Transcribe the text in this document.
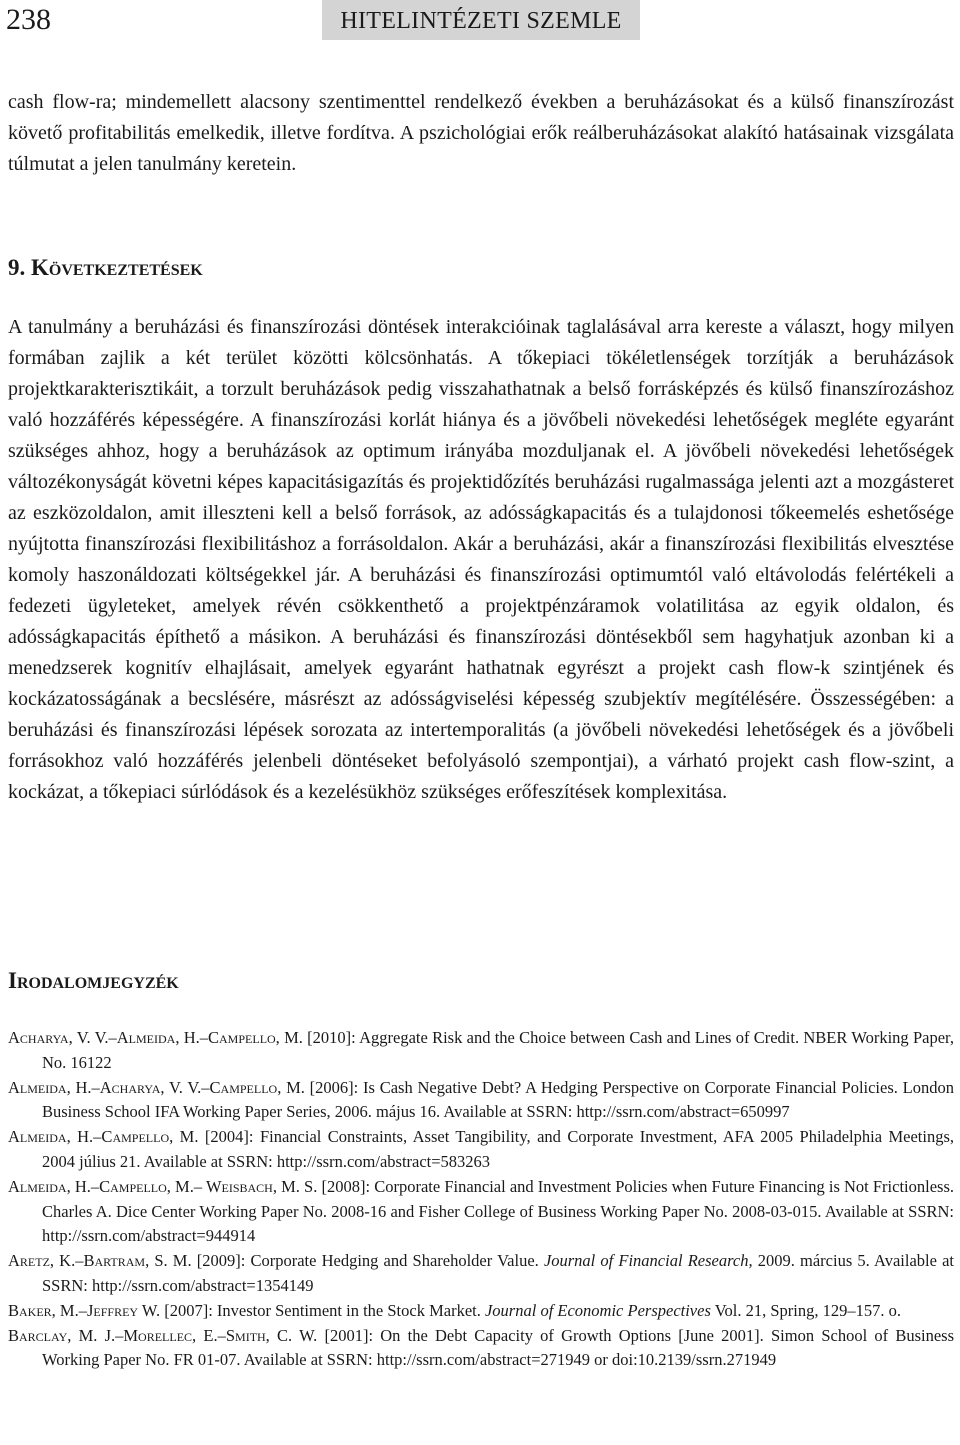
238	HITELINTÉZETI SZEMLE

cash flow-ra; mindemellett alacsony szentimenttel rendelkező években a beruházásokat és a külső finanszírozást követő profitabilitás emelkedik, illetve fordítva. A pszichológiai erők reálberuházásokat alakító hatásainak vizsgálata túlmutat a jelen tanulmány keretein.

9. Következtetések

A tanulmány a beruházási és finanszírozási döntések interakcióinak taglalásával arra kereste a választ, hogy milyen formában zajlik a két terület közötti kölcsönhatás. A tőkepiaci tökéletlenségek torzítják a beruházások projektkarakterisztikáit, a torzult beruházások pedig visszahathatnak a belső forrásképzés és külső finanszírozáshoz való hozzáférés képességére. A finanszírozási korlát hiánya és a jövőbeli növekedési lehetőségek megléte egyaránt szükséges ahhoz, hogy a beruházások az optimum irányába mozduljanak el. A jövőbeli növekedési lehetőségek változékonyságát követni képes kapacitásigazítás és projektidőzítés beruházási rugalmassága jelenti azt a mozgásteret az eszközoldalon, amit illeszteni kell a belső források, az adósságkapacitás és a tulajdonosi tőkeemelés eshetősége nyújtotta finanszírozási flexibilitáshoz a forrásoldalon. Akár a beruházási, akár a finanszírozási flexibilitás elvesztése komoly haszonáldozati költségekkel jár. A beruházási és finanszírozási optimumtól való eltávolodás felértékeli a fedezeti ügyleteket, amelyek révén csökkenthető a projektpénzáramok volatilitása az egyik oldalon, és adósságkapacitás építhető a másikon. A beruházási és finanszírozási döntésekből sem hagyhatjuk azonban ki a menedzserek kognitív elhajlásait, amelyek egyaránt hathatnak egyrészt a projekt cash flow-k szintjének és kockázatosságának a becslésére, másrészt az adósságviselési képesség szubjektív megítélésére. Összességében: a beruházási és finanszírozási lépések sorozata az intertemporalitás (a jövőbeli növekedési lehetőségek és a jövőbeli forrásokhoz való hozzáférés jelenbeli döntéseket befolyásoló szempontjai), a várható projekt cash flow-szint, a kockázat, a tőkepiaci súrlódások és a kezelésükhöz szükséges erőfeszítések komplexitása.

Irodalomjegyzék
Acharya, V. V.–Almeida, H.–Campello, M. [2010]: Aggregate Risk and the Choice between Cash and Lines of Credit. NBER Working Paper, No. 16122
Almeida, H.–Acharya, V. V.–Campello, M. [2006]: Is Cash Negative Debt? A Hedging Perspective on Corporate Financial Policies. London Business School IFA Working Paper Series, 2006. május 16. Available at SSRN: http://ssrn.com/abstract=650997
Almeida, H.–Campello, M. [2004]: Financial Constraints, Asset Tangibility, and Corporate Investment, AFA 2005 Philadelphia Meetings, 2004 július 21. Available at SSRN: http://ssrn.com/abstract=583263
Almeida, H.–Campello, M.– Weisbach, M. S. [2008]: Corporate Financial and Investment Policies when Future Financing is Not Frictionless. Charles A. Dice Center Working Paper No. 2008-16 and Fisher College of Business Working Paper No. 2008-03-015. Available at SSRN: http://ssrn.com/abstract=944914
Aretz, K.–Bartram, S. M. [2009]: Corporate Hedging and Shareholder Value. Journal of Financial Research, 2009. március 5. Available at SSRN: http://ssrn.com/abstract=1354149
Baker, M.–Jeffrey W. [2007]: Investor Sentiment in the Stock Market. Journal of Economic Perspectives Vol. 21, Spring, 129–157. o.
Barclay, M. J.–Morellec, E.–Smith, C. W. [2001]: On the Debt Capacity of Growth Options [June 2001]. Simon School of Business Working Paper No. FR 01-07. Available at SSRN: http://ssrn.com/abstract=271949 or doi:10.2139/ssrn.271949
